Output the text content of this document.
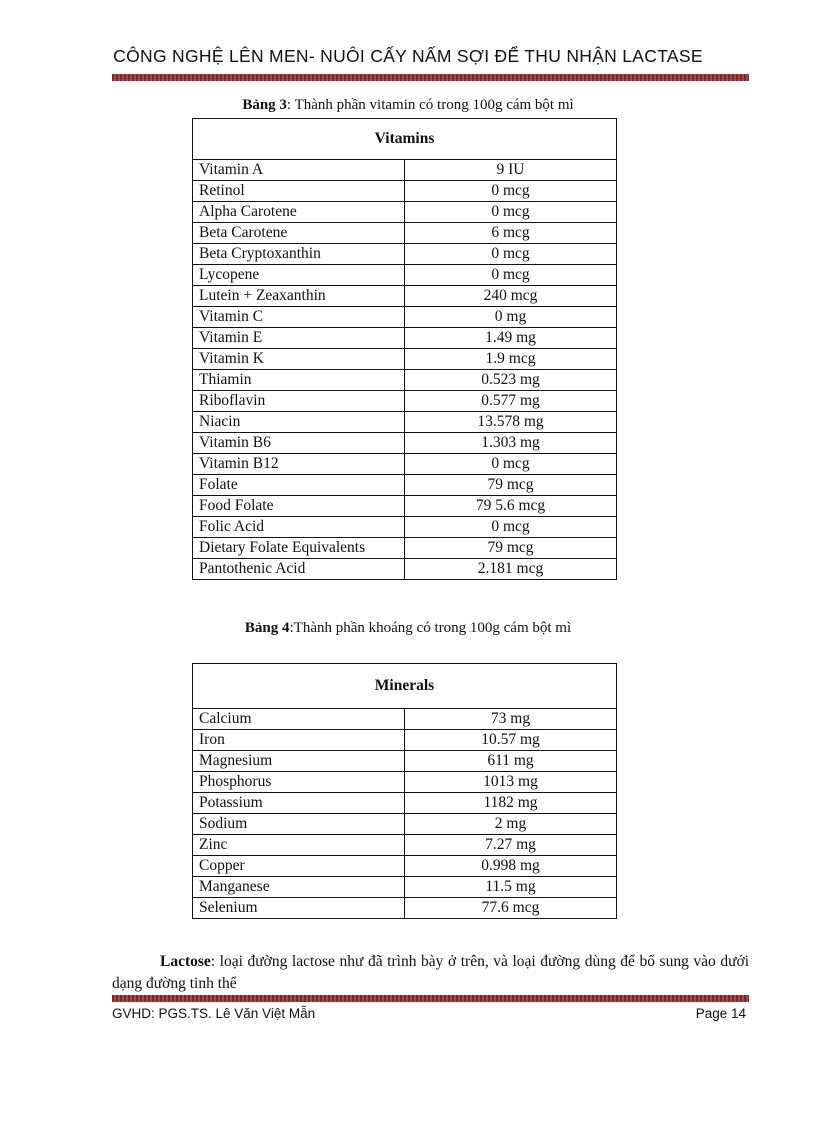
CÔNG NGHỆ LÊN MEN- NUÔI CẤY NẤM SỢI ĐỂ THU NHẬN LACTASE
Bảng 3: Thành phần vitamin có trong 100g cám bột mì
Vitamins	
Vitamin A	9 IU
Retinol	0 mcg
Alpha Carotene	0 mcg
Beta Carotene	6 mcg
Beta Cryptoxanthin	0 mcg
Lycopene	0 mcg
Lutein + Zeaxanthin	240 mcg
Vitamin C	0 mg
Vitamin E	1.49 mg
Vitamin K	1.9 mcg
Thiamin	0.523 mg
Riboflavin	0.577 mg
Niacin	13.578 mg
Vitamin B6	1.303 mg
Vitamin B12	0 mcg
Folate	79 mcg
Food Folate	79 5.6 mcg
Folic Acid	0 mcg
Dietary Folate Equivalents	79 mcg
Pantothenic Acid	2.181 mcg
Bảng 4:Thành phần khoáng có trong 100g cám bột mì
Minerals	
Calcium	73 mg
Iron	10.57 mg
Magnesium	611 mg
Phosphorus	1013 mg
Potassium	1182 mg
Sodium	2 mg
Zinc	7.27 mg
Copper	0.998 mg
Manganese	11.5 mg
Selenium	77.6 mcg
Lactose: loại đường lactose như đã trình bày ở trên, và loại đường dùng để bổ sung vào dưới dạng đường tinh thể
GVHD: PGS.TS. Lê Văn Việt Mẫn	Page 14
